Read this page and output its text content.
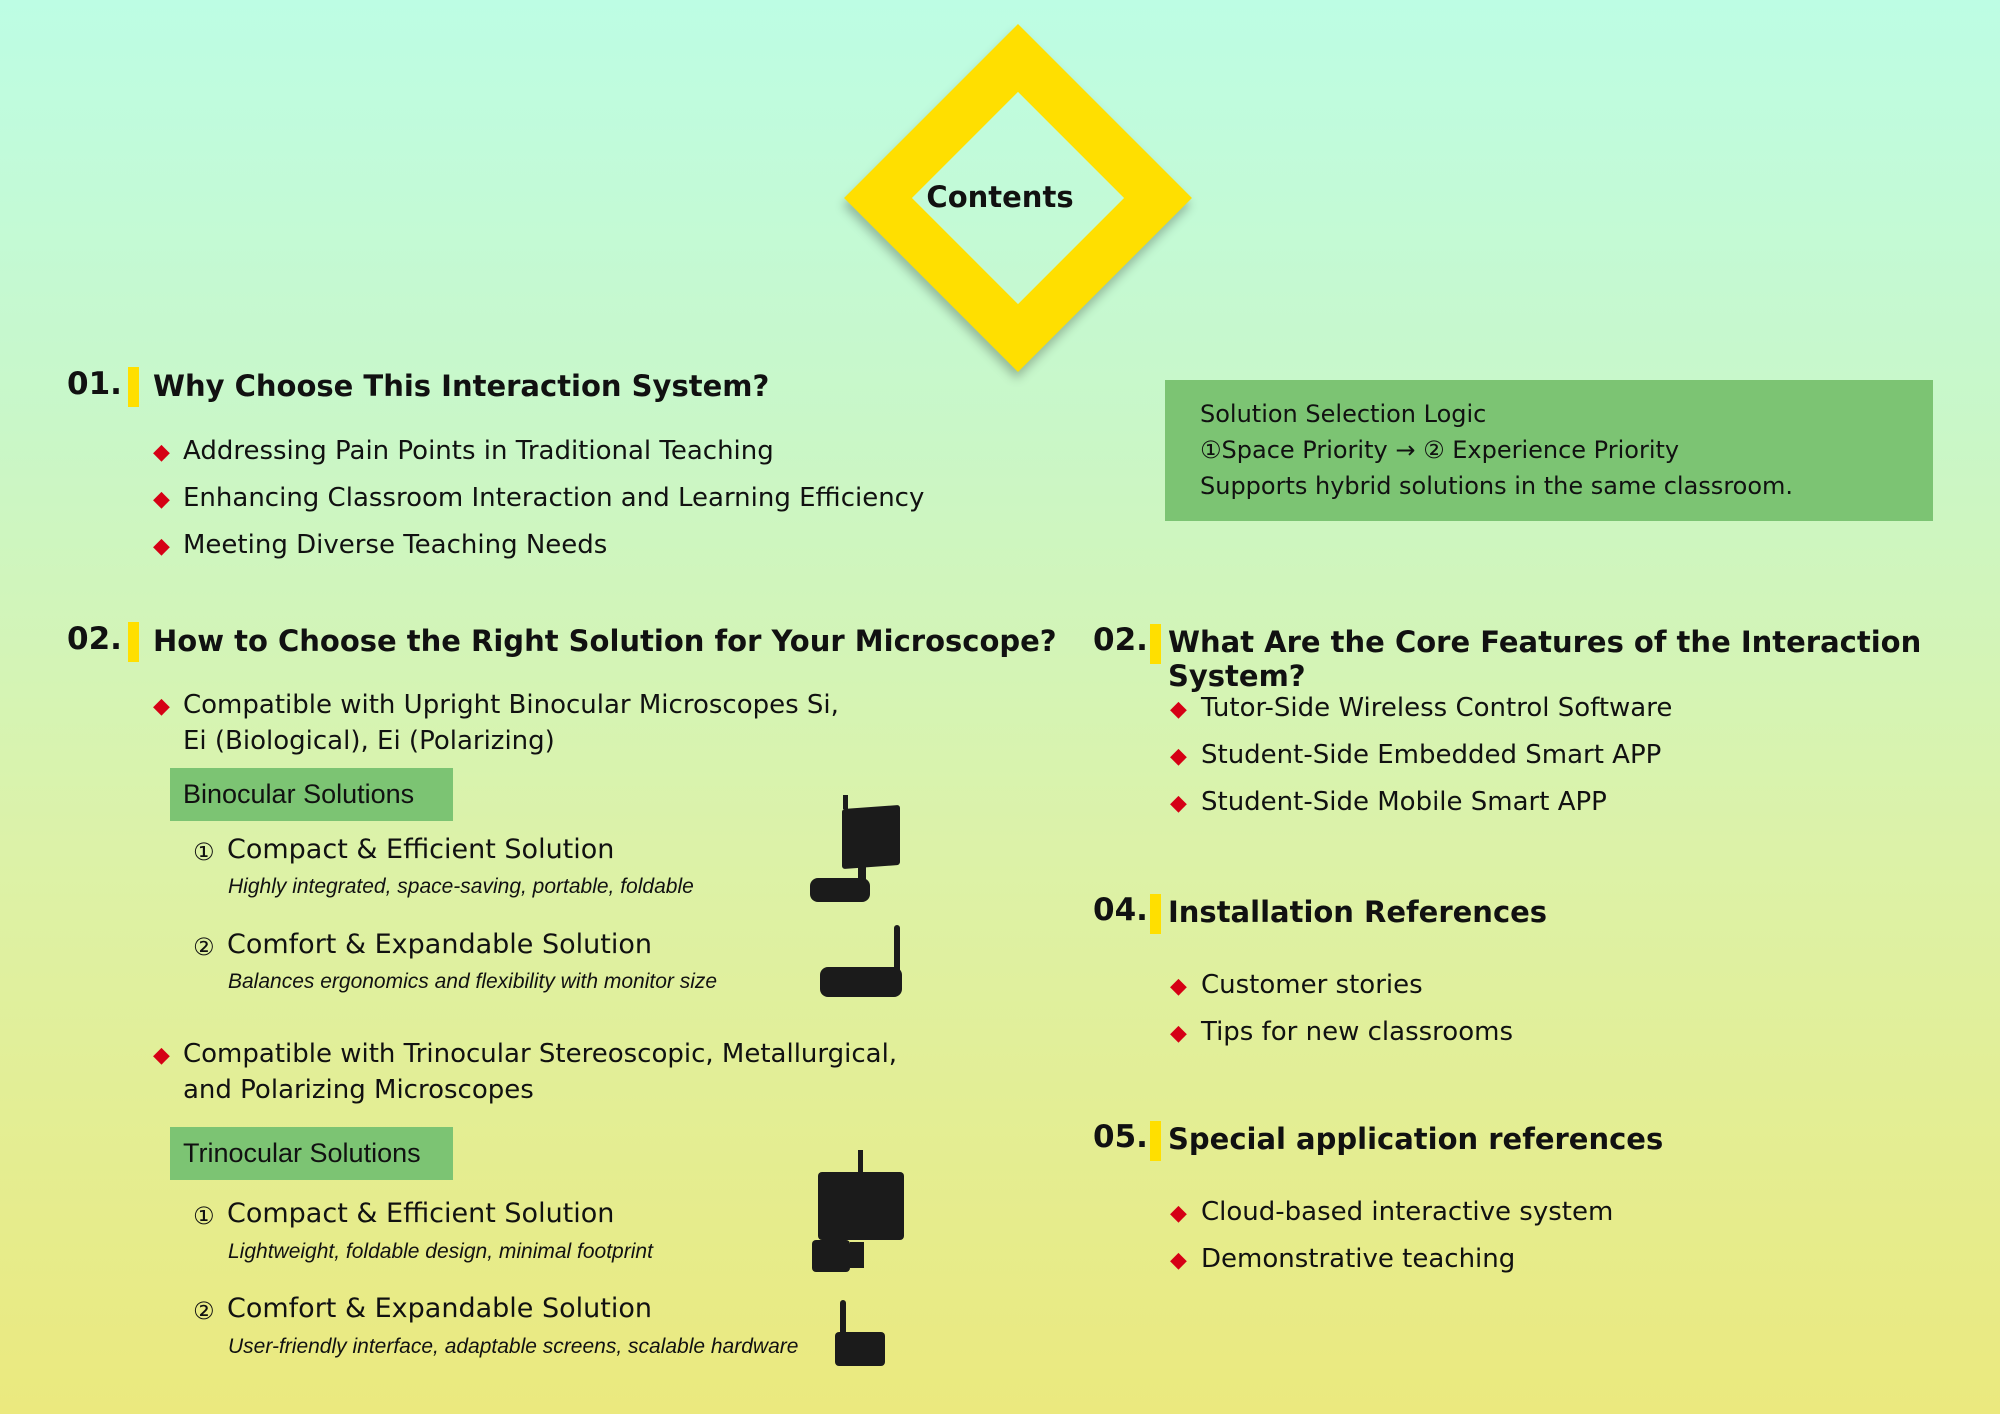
Contents
Solution Selection Logic
①Space Priority → ② Experience Priority
Supports hybrid solutions in the same classroom.
01. Why Choose This Interaction System?
◆ Addressing Pain Points in Traditional Teaching
◆ Enhancing Classroom Interaction and Learning Efficiency
◆ Meeting Diverse Teaching Needs
02. How to Choose the Right Solution for Your Microscope?
◆ Compatible with Upright Binocular Microscopes Si,
Ei (Biological), Ei (Polarizing)
Binocular Solutions
① Compact & Efficient Solution
Highly integrated, space-saving, portable, foldable
② Comfort & Expandable Solution
Balances ergonomics and flexibility with monitor size
◆ Compatible with Trinocular Stereoscopic, Metallurgical,
and Polarizing Microscopes
Trinocular Solutions
① Compact & Efficient Solution
Lightweight, foldable design, minimal footprint
② Comfort & Expandable Solution
User-friendly interface, adaptable screens, scalable hardware
02. What Are the Core Features of the Interaction System?
◆ Tutor-Side Wireless Control Software
◆ Student-Side Embedded Smart APP
◆ Student-Side Mobile Smart APP
04. Installation References
◆ Customer stories
◆ Tips for new classrooms
05. Special application references
◆ Cloud-based interactive system
◆ Demonstrative teaching
